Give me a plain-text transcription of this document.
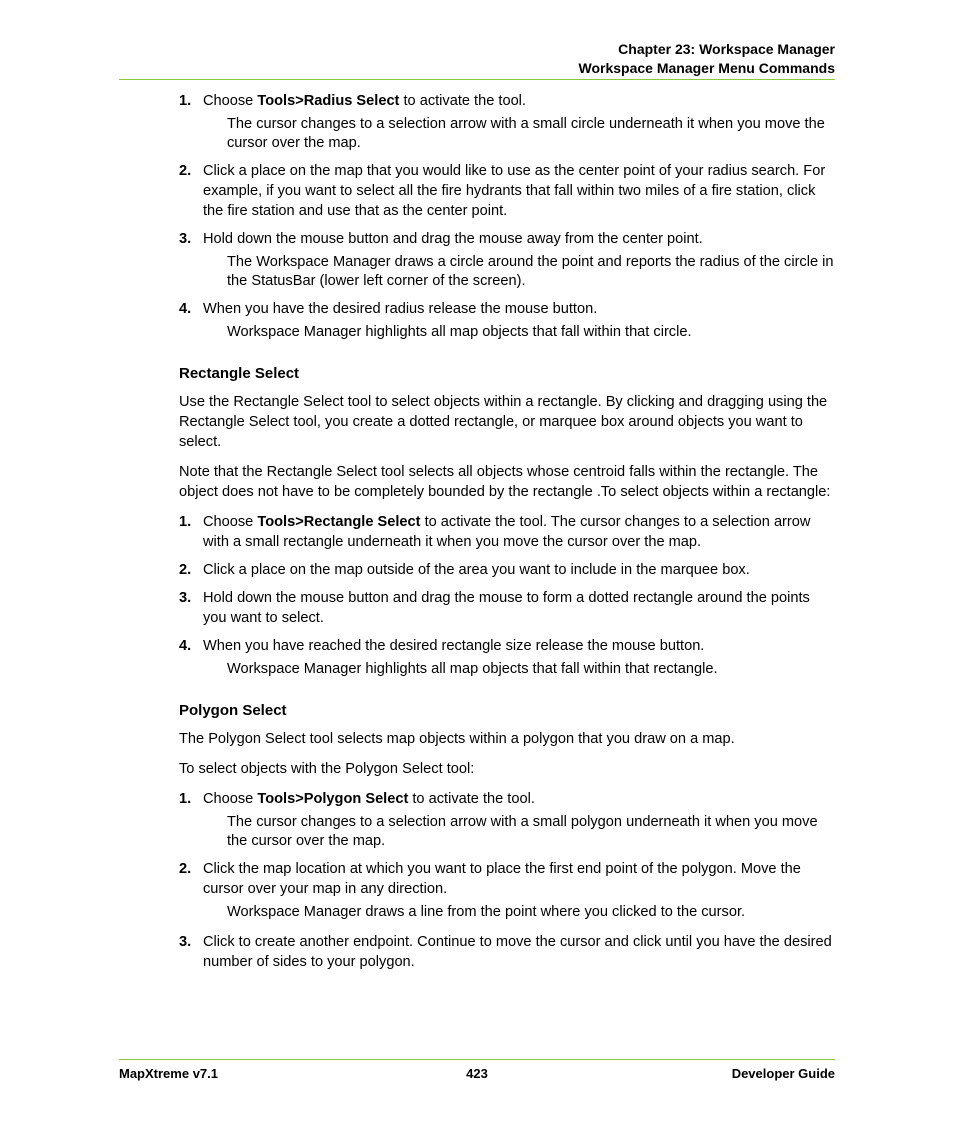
Chapter 23: Workspace Manager
Workspace Manager Menu Commands
1. Choose Tools>Radius Select to activate the tool.
The cursor changes to a selection arrow with a small circle underneath it when you move the cursor over the map.
2. Click a place on the map that you would like to use as the center point of your radius search. For example, if you want to select all the fire hydrants that fall within two miles of a fire station, click the fire station and use that as the center point.
3. Hold down the mouse button and drag the mouse away from the center point.
The Workspace Manager draws a circle around the point and reports the radius of the circle in the StatusBar (lower left corner of the screen).
4. When you have the desired radius release the mouse button.
Workspace Manager highlights all map objects that fall within that circle.
Rectangle Select

Use the Rectangle Select tool to select objects within a rectangle. By clicking and dragging using the Rectangle Select tool, you create a dotted rectangle, or marquee box around objects you want to select.

Note that the Rectangle Select tool selects all objects whose centroid falls within the rectangle. The object does not have to be completely bounded by the rectangle .To select objects within a rectangle:

1. Choose Tools>Rectangle Select to activate the tool. The cursor changes to a selection arrow with a small rectangle underneath it when you move the cursor over the map.
2. Click a place on the map outside of the area you want to include in the marquee box.
3. Hold down the mouse button and drag the mouse to form a dotted rectangle around the points you want to select.
4. When you have reached the desired rectangle size release the mouse button.
Workspace Manager highlights all map objects that fall within that rectangle.
Polygon Select

The Polygon Select tool selects map objects within a polygon that you draw on a map.

To select objects with the Polygon Select tool:

1. Choose Tools>Polygon Select to activate the tool.
The cursor changes to a selection arrow with a small polygon underneath it when you move the cursor over the map.
2. Click the map location at which you want to place the first end point of the polygon. Move the cursor over your map in any direction.
Workspace Manager draws a line from the point where you clicked to the cursor.
3. Click to create another endpoint. Continue to move the cursor and click until you have the desired number of sides to your polygon.
MapXtreme v7.1	423	Developer Guide
